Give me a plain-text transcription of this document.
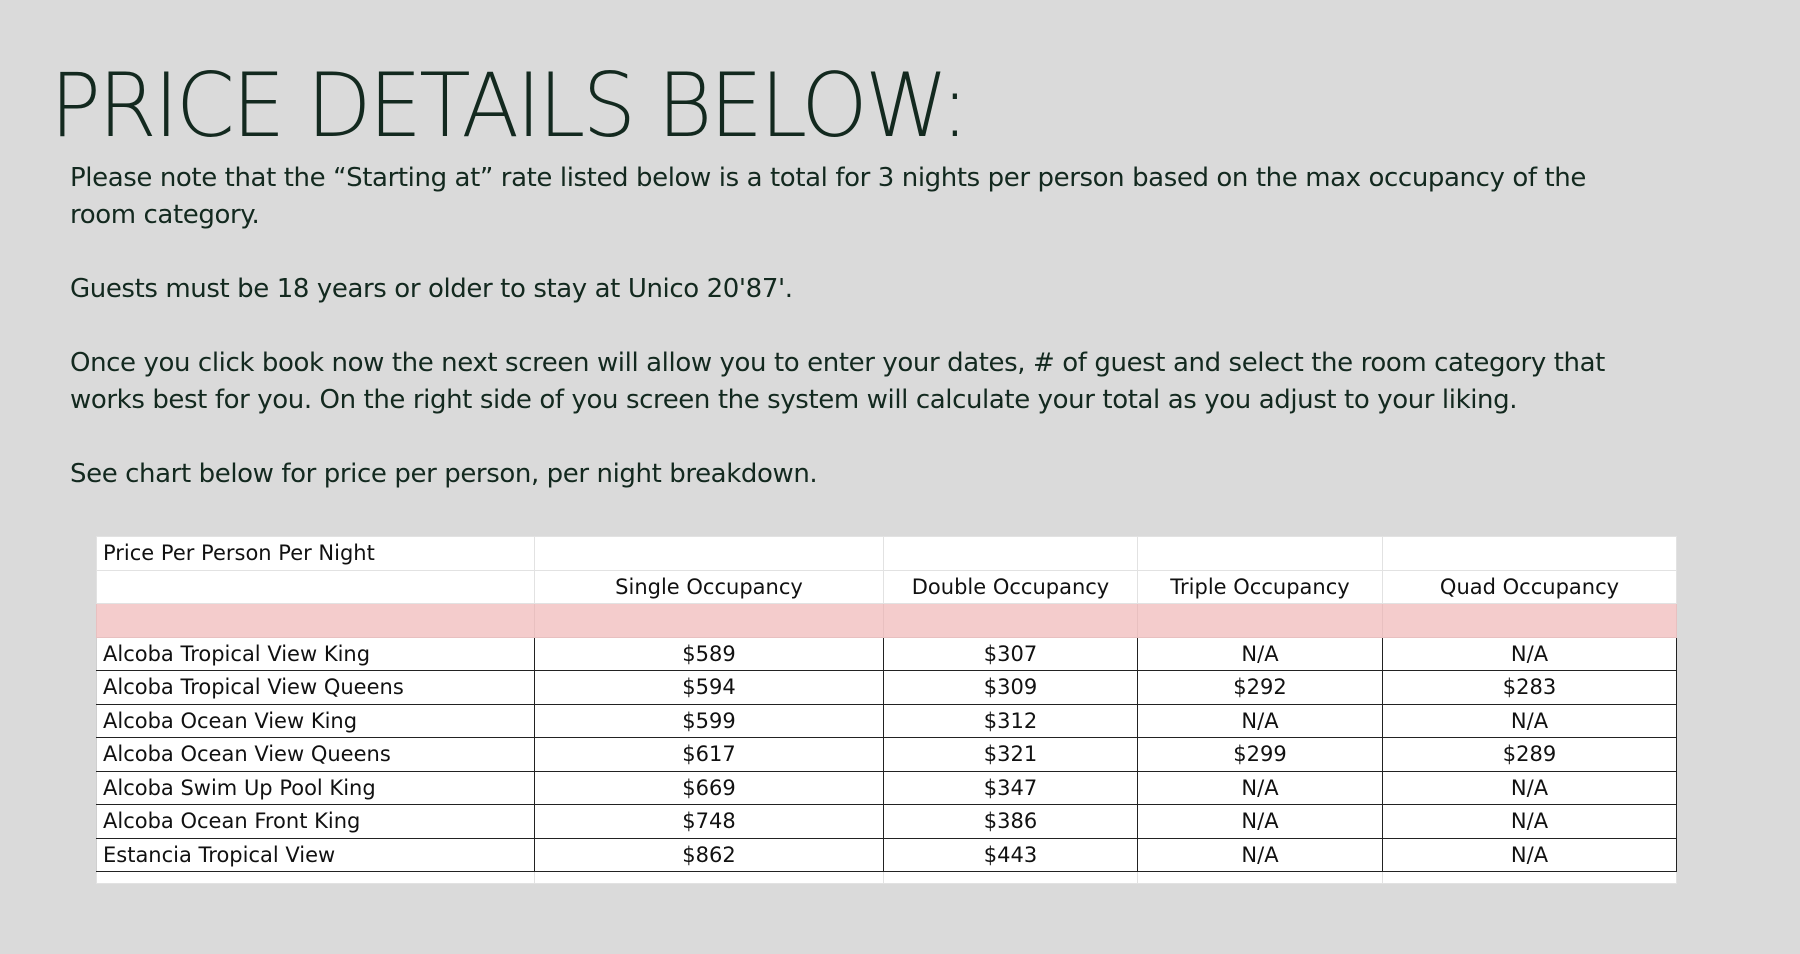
PRICE DETAILS BELOW:

Please note that the “Starting at” rate listed below is a total for 3 nights per person based on the max occupancy of the room category.

Guests must be 18 years or older to stay at Unico 20'87'.

Once you click book now the next screen will allow you to enter your dates, # of guest and select the room category that works best for you. On the right side of you screen the system will calculate your total as you adjust to your liking.

See chart below for price per person, per night breakdown.

Price Per Person Per Night				
	Single Occupancy	Double Occupancy	Triple Occupancy	Quad Occupancy

Alcoba Tropical View King	$589	$307	N/A	N/A
Alcoba Tropical View Queens	$594	$309	$292	$283
Alcoba Ocean View King	$599	$312	N/A	N/A
Alcoba Ocean View Queens	$617	$321	$299	$289
Alcoba Swim Up Pool King	$669	$347	N/A	N/A
Alcoba Ocean Front King	$748	$386	N/A	N/A
Estancia Tropical View	$862	$443	N/A	N/A
